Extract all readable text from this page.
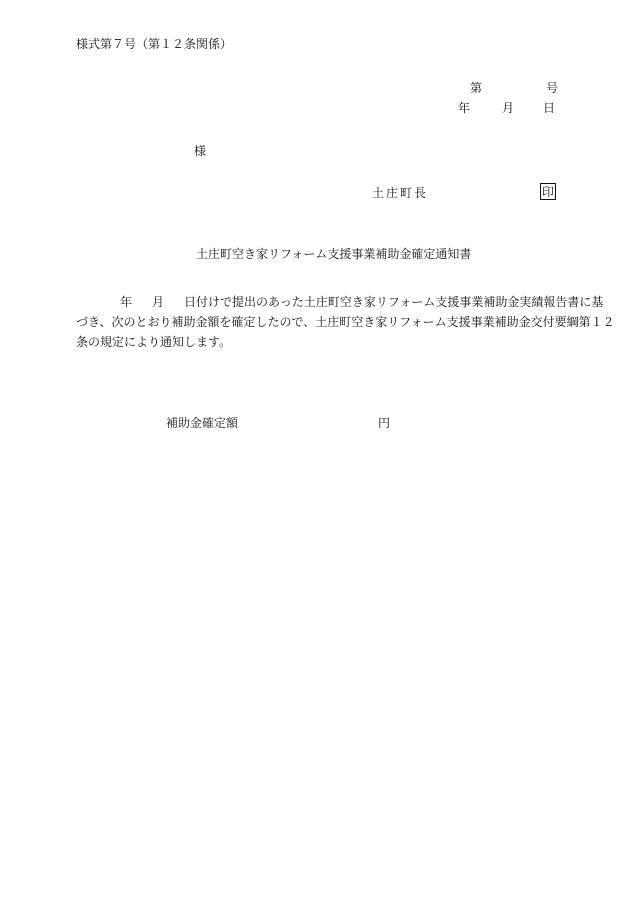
様式第７号（第１２条関係）
第	号
年	月 日
様
土庄町長	印
土庄町空き家リフォーム支援事業補助金確定通知書
年 月 日付けで提出のあった土庄町空き家リフォーム支援事業補助金実績報告書に基
づき、次のとおり補助金額を確定したので、土庄町空き家リフォーム支援事業補助金交付要綱第１２
条の規定により通知します。
補助金確定額	円
